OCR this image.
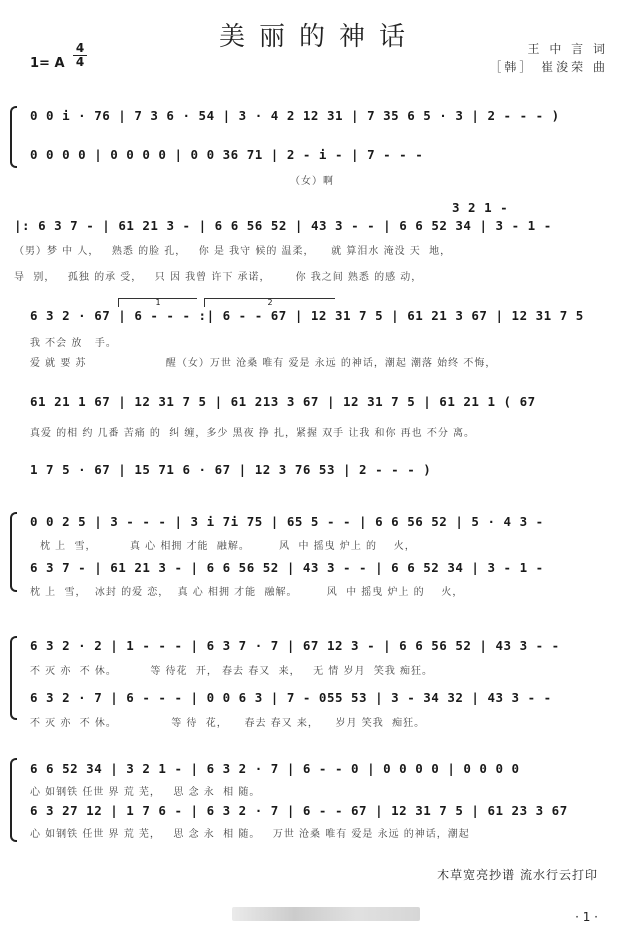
美丽的神话	王 中 言 词
［韩］ 崔浚荣 曲
1= A
4
4
0 0 i · 76 | 7 3 6 · 54 | 3 · 4 2 12 31 | 7 35 6 5 · 3 | 2 - - - )
0 0 0 0 | 0 0 0 0 | 0 0 36 71 | 2 - i - | 7 - - -
（女）啊
|: 6 3 7 - | 61 21 3 - | 6 6 56 52 | 43 3 - - | 6 6 52 34 | 3 - 1 -
3 2 1 -
（男）梦 中 人，   熟悉 的脸 孔，   你 是 我守 候的 温柔，    就 算泪水 淹没 天  地，
导  别，   孤独 的承 受，   只 因 我曾 许下 承诺，      你 我之间 熟悉 的感 动，
1	2
6 3 2 · 67 | 6 - - - :| 6 - - 67 | 12 31 7 5 | 61 21 3 67 | 12 31 7 5
我 不会 放   手。
爱 就 要 苏                   醒（女）万世 沧桑 唯有 爱是 永远 的神话，潮起 潮落 始终 不悔，
61 21 1 67 | 12 31 7 5 | 61 213 3 67 | 12 31 7 5 | 61 21 1 ( 67
真爱 的相 约 几番 苦痛 的  纠 缠，多少 黑夜 挣 扎，紧握 双手 让我 和你 再也 不分 离。
1 7 5 · 67 | 15 71 6 · 67 | 12 3 76 53 | 2 - - - )
0 0 2 5 | 3 - - - | 3 i 7i 75 | 65 5 - - | 6 6 56 52 | 5 · 4 3 -
枕 上  雪，        真 心 相拥 才能  融解。       风  中 摇曳 炉上 的    火，
6 3 7 - | 61 21 3 - | 6 6 56 52 | 43 3 - - | 6 6 52 34 | 3 - 1 -
枕 上  雪，  冰封 的爱 恋，  真 心 相拥 才能  融解。       风  中 摇曳 炉上 的    火，
6 3 2 · 2 | 1 - - - | 6 3 7 · 7 | 67 12 3 - | 6 6 56 52 | 43 3 - -
不 灭 亦  不 休。        等 待花  开， 春去 春又  来，   无 情 岁月  笑我 痴狂。
6 3 2 · 7 | 6 - - - | 0 0 6 3 | 7 - 055 53 | 3 - 34 32 | 43 3 - -
不 灭 亦  不 休。             等 待  花，    春去 春又 来，    岁月 笑我  痴狂。
6 6 52 34 | 3 2 1 - | 6 3 2 · 7 | 6 - - 0 | 0 0 0 0 | 0 0 0 0
心 如钢铁 任世 界 荒 芜，   思 念 永  相 随。
6 3 27 12 | 1 7 6 - | 6 3 2 · 7 | 6 - - 67 | 12 31 7 5 | 61 23 3 67
心 如钢铁 任世 界 荒 芜，   思 念 永  相 随。   万世 沧桑 唯有 爱是 永远 的神话，潮起
木草宽亮抄谱 流水行云打印
· 1 ·
